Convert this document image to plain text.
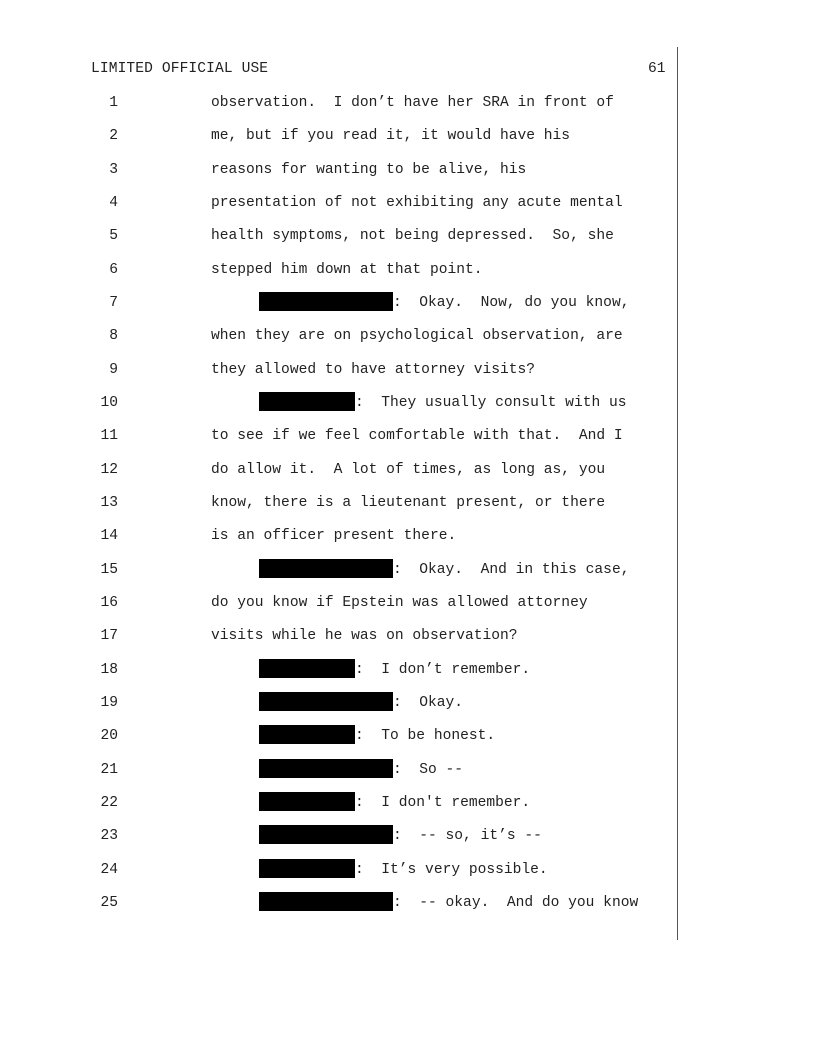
LIMITED OFFICIAL USE	61
1	observation.  I don’t have her SRA in front of
2	me, but if you read it, it would have his
3	reasons for wanting to be alive, his
4	presentation of not exhibiting any acute mental
5	health symptoms, not being depressed.  So, she
6	stepped him down at that point.
7	:  Okay.  Now, do you know,
8	when they are on psychological observation, are
9	they allowed to have attorney visits?
10	:  They usually consult with us
11	to see if we feel comfortable with that.  And I
12	do allow it.  A lot of times, as long as, you
13	know, there is a lieutenant present, or there
14	is an officer present there.
15	:  Okay.  And in this case,
16	do you know if Epstein was allowed attorney
17	visits while he was on observation?
18	:  I don’t remember.
19	:  Okay.
20	:  To be honest.
21	:  So --
22	:  I don't remember.
23	:  -- so, it’s --
24	:  It’s very possible.
25	:  -- okay.  And do you know
